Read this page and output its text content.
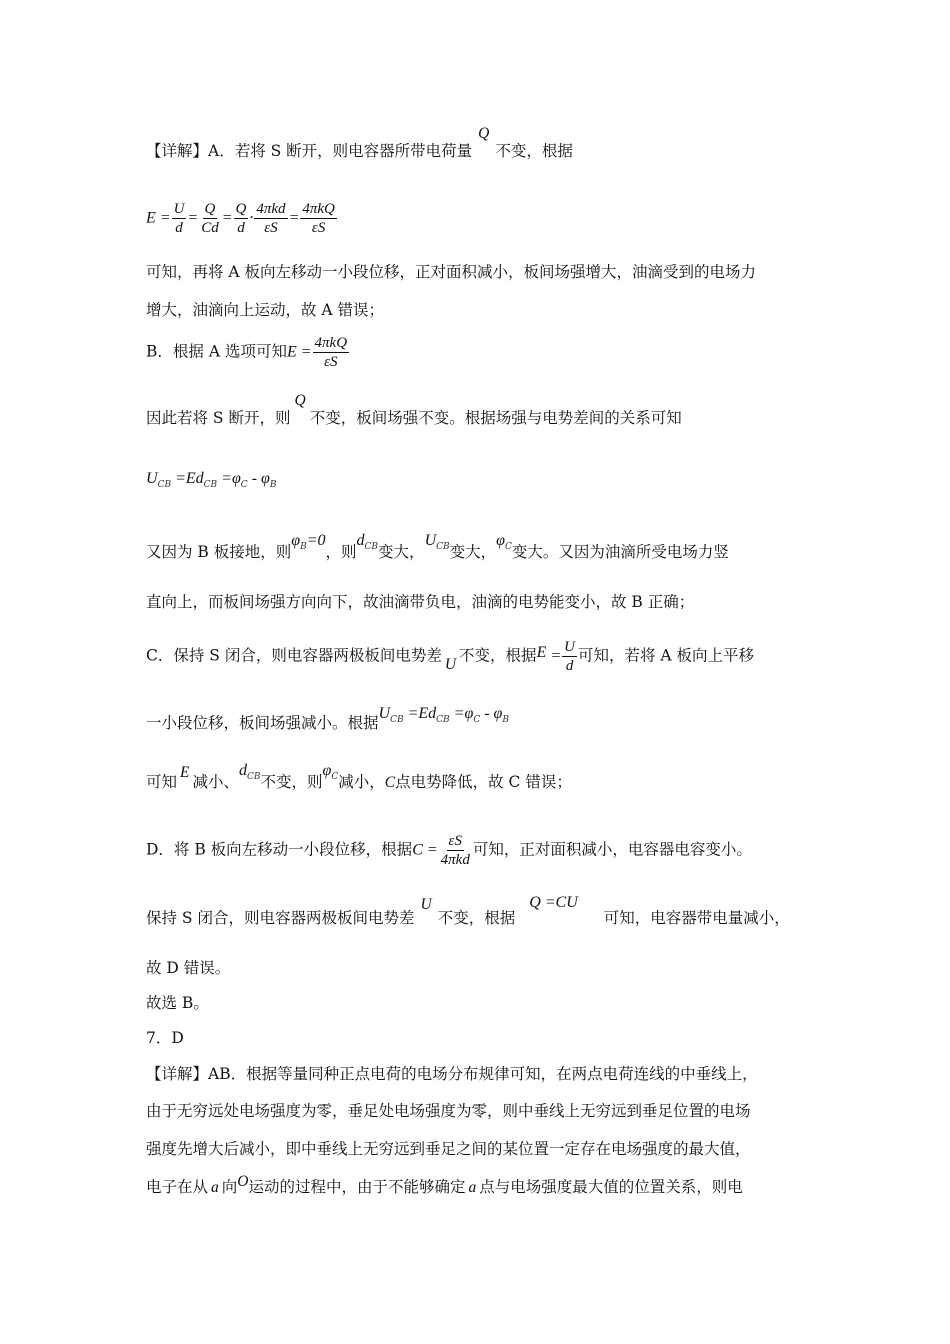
【详解】A．若将 S 断开，则电容器所带电荷量Q不变，根据
$E = \frac{U}{d} = \frac{Q}{Cd} = \frac{Q}{d} \cdot \frac{\text{4πkd}}{\varepsilon S} = \frac{\text{4πkQ}}{\varepsilon S}$
可知，再将 A 板向左移动一小段位移，正对面积减小，板间场强增大，油滴受到的电场力
增大，油滴向上运动，故 A 错误；
B．根据 A 选项可知$E = \frac{\text{4πkQ}}{\varepsilon S}$
因此若将 S 断开，则Q不变，板间场强不变。根据场强与电势差间的关系可知
$U_{CB} =Ed_{CB} =\varphi_C - \varphi_B$
又因为 B 板接地，则$\varphi_B=0$，则$d_{CB}$变大，$U_{CB}$变大，$\varphi_C$变大。又因为油滴所受电场力竖
直向上，而板间场强方向向下，故油滴带负电，油滴的电势能变小，故 B 正确；
C．保持 S 闭合，则电容器两极板间电势差 U 不变，根据$E = \frac{U}{d}$ 可知，若将 A 板向上平移
一小段位移，板间场强减小。根据$U_{CB} =Ed_{CB} =\varphi_C - \varphi_B$
可知E减小、$d_{CB}$不变，则$\varphi_C$减小，C点电势降低，故 C 错误；
D．将 B 板向左移动一小段位移，根据$C = \frac{\varepsilon S}{\text{4πkd}}$ 可知，正对面积减小，电容器电容变小。
保持 S 闭合，则电容器两极板间电势差U不变，根据Q =CU可知，电容器带电量减小，
故 D 错误。
故选 B。
7．D
【详解】AB．根据等量同种正点电荷的电场分布规律可知，在两点电荷连线的中垂线上，
由于无穷远处电场强度为零，垂足处电场强度为零，则中垂线上无穷远到垂足位置的电场
强度先增大后减小，即中垂线上无穷远到垂足之间的某位置一定存在电场强度的最大值，
电子在从 a 向O运动的过程中，由于不能够确定 a 点与电场强度最大值的位置关系，则电
